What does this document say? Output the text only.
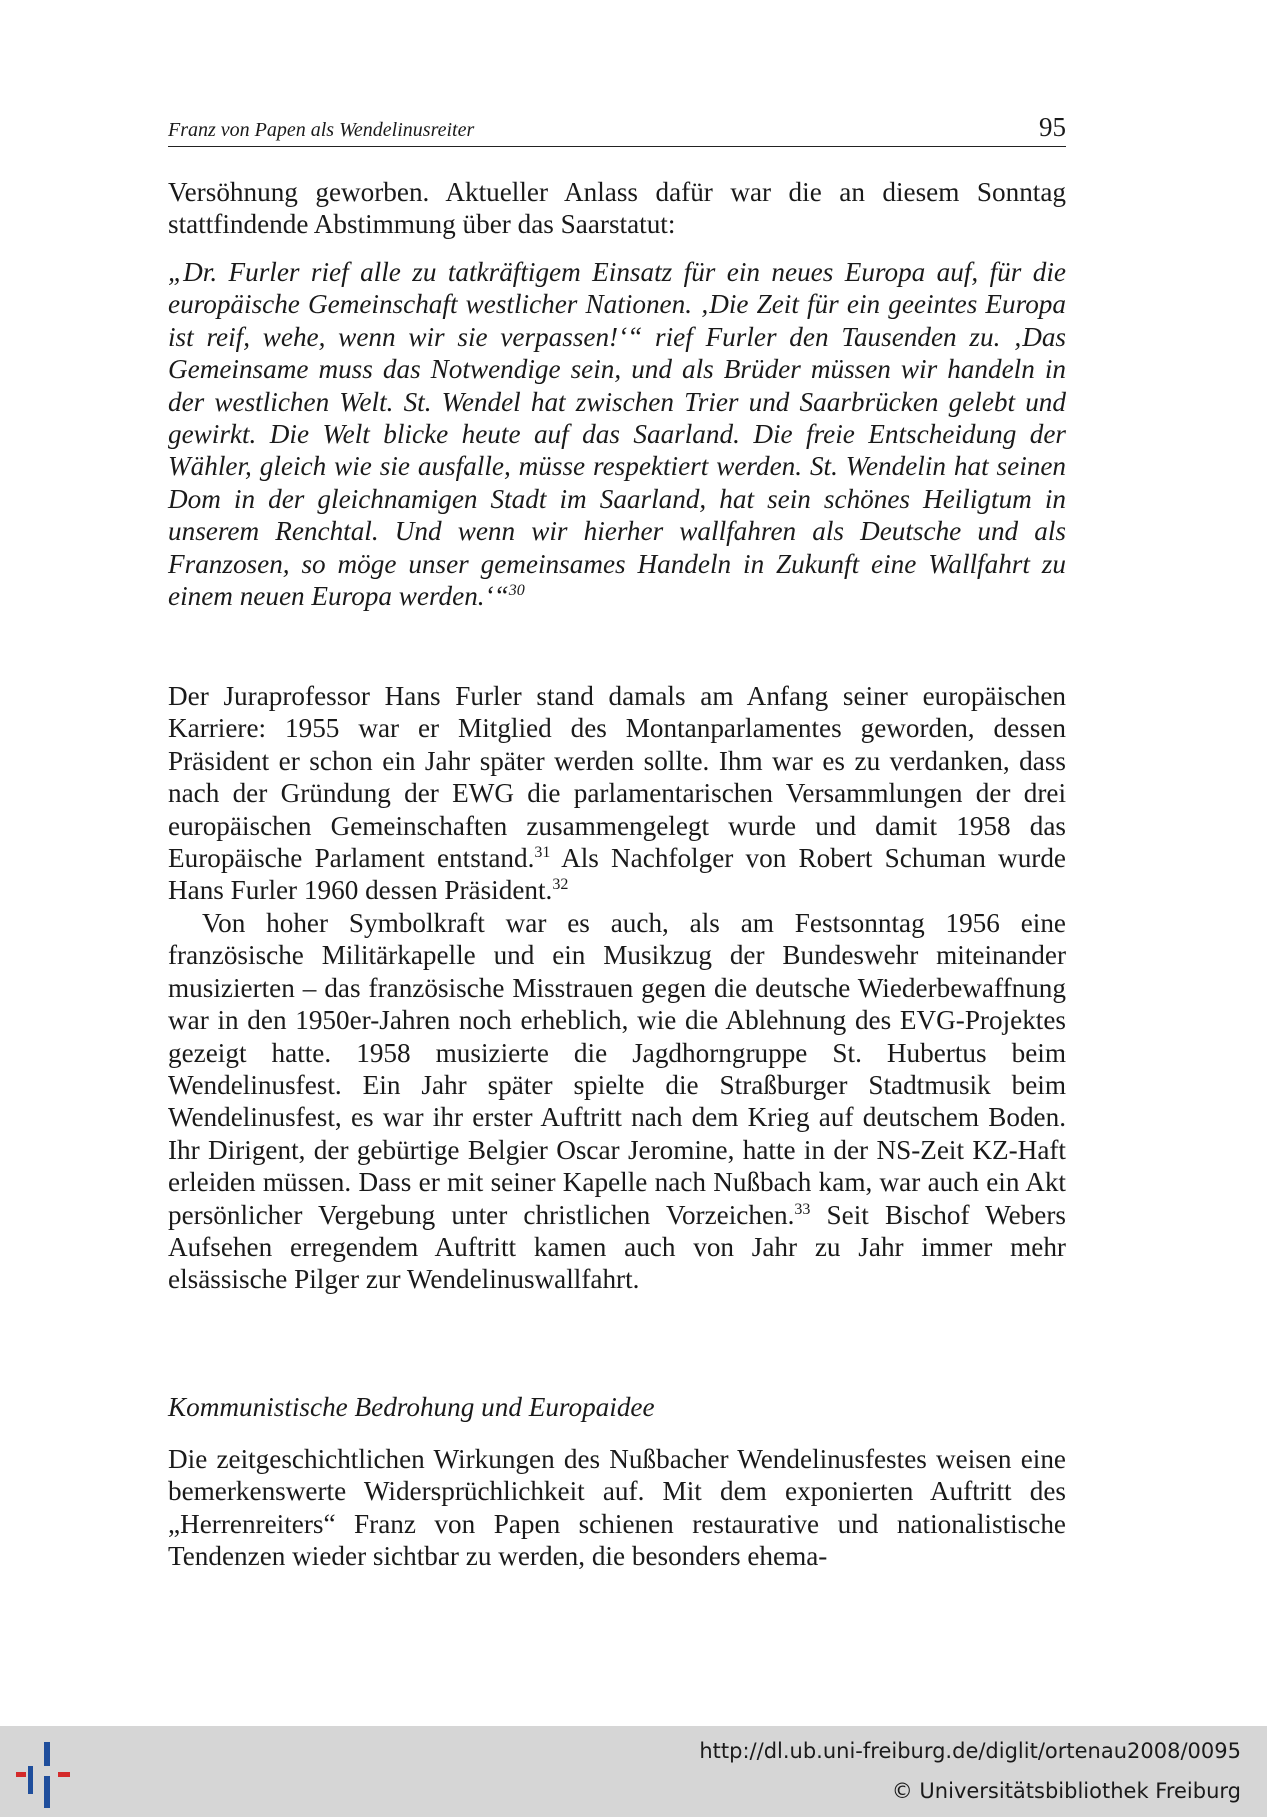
Franz von Papen als Wendelinusreiter	95

Versöhnung geworben. Aktueller Anlass dafür war die an diesem Sonntag stattfindende Abstimmung über das Saarstatut:

„Dr. Furler rief alle zu tatkräftigem Einsatz für ein neues Europa auf, für die europäische Gemeinschaft westlicher Nationen. ‚Die Zeit für ein geeintes Europa ist reif, wehe, wenn wir sie verpassen!‘“ rief Furler den Tausenden zu. ‚Das Gemeinsame muss das Notwendige sein, und als Brüder müssen wir handeln in der westlichen Welt. St. Wendel hat zwischen Trier und Saarbrücken gelebt und gewirkt. Die Welt blicke heute auf das Saarland. Die freie Entscheidung der Wähler, gleich wie sie ausfalle, müsse respektiert werden. St. Wendelin hat seinen Dom in der gleichnamigen Stadt im Saarland, hat sein schönes Heiligtum in unserem Renchtal. Und wenn wir hierher wallfahren als Deutsche und als Franzosen, so möge unser gemeinsames Handeln in Zukunft eine Wallfahrt zu einem neuen Europa werden.‘“$^{30}$

Der Juraprofessor Hans Furler stand damals am Anfang seiner europäischen Karriere: 1955 war er Mitglied des Montanparlamentes geworden, dessen Präsident er schon ein Jahr später werden sollte. Ihm war es zu verdanken, dass nach der Gründung der EWG die parlamentarischen Versammlungen der drei europäischen Gemeinschaften zusammengelegt wurde und damit 1958 das Europäische Parlament entstand.$^{31}$ Als Nachfolger von Robert Schuman wurde Hans Furler 1960 dessen Präsident.$^{32}$

Von hoher Symbolkraft war es auch, als am Festsonntag 1956 eine französische Militärkapelle und ein Musikzug der Bundeswehr miteinander musizierten – das französische Misstrauen gegen die deutsche Wiederbewaffnung war in den 1950er-Jahren noch erheblich, wie die Ablehnung des EVG-Projektes gezeigt hatte. 1958 musizierte die Jagdhorngruppe St. Hubertus beim Wendelinusfest. Ein Jahr später spielte die Straßburger Stadtmusik beim Wendelinusfest, es war ihr erster Auftritt nach dem Krieg auf deutschem Boden. Ihr Dirigent, der gebürtige Belgier Oscar Jeromine, hatte in der NS-Zeit KZ-Haft erleiden müssen. Dass er mit seiner Kapelle nach Nußbach kam, war auch ein Akt persönlicher Vergebung unter christlichen Vorzeichen.$^{33}$ Seit Bischof Webers Aufsehen erregendem Auftritt kamen auch von Jahr zu Jahr immer mehr elsässische Pilger zur Wendelinuswallfahrt.

Kommunistische Bedrohung und Europaidee

Die zeitgeschichtlichen Wirkungen des Nußbacher Wendelinusfestes weisen eine bemerkenswerte Widersprüchlichkeit auf. Mit dem exponierten Auftritt des „Herrenreiters“ Franz von Papen schienen restaurative und nationalistische Tendenzen wieder sichtbar zu werden, die besonders ehema-

http://dl.ub.uni-freiburg.de/diglit/ortenau2008/0095
© Universitätsbibliothek Freiburg
